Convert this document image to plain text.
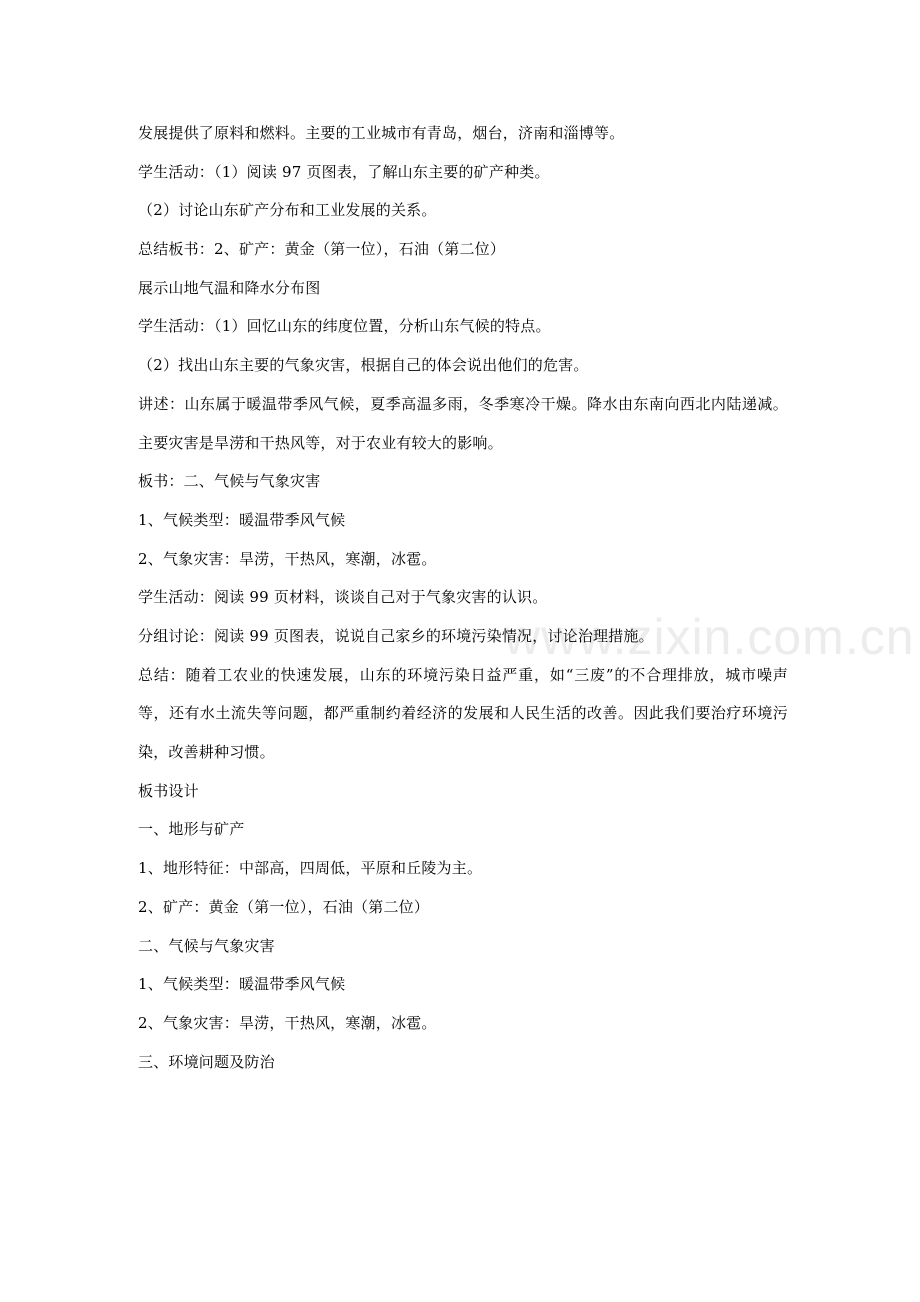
www.zixin.com.cn
发展提供了原料和燃料。主要的工业城市有青岛，烟台，济南和淄博等。
学生活动：（1）阅读 97 页图表，了解山东主要的矿产种类。
（2）讨论山东矿产分布和工业发展的关系。
总结板书：2、矿产：黄金（第一位），石油（第二位）
展示山地气温和降水分布图
学生活动：（1）回忆山东的纬度位置，分析山东气候的特点。
（2）找出山东主要的气象灾害，根据自己的体会说出他们的危害。
讲述：山东属于暖温带季风气候，夏季高温多雨，冬季寒冷干燥。降水由东南向西北内陆递减。主要灾害是旱涝和干热风等，对于农业有较大的影响。
板书：二、气候与气象灾害
1、气候类型：暖温带季风气候
2、气象灾害：旱涝，干热风，寒潮，冰雹。
学生活动：阅读 99 页材料，谈谈自己对于气象灾害的认识。
分组讨论：阅读 99 页图表，说说自己家乡的环境污染情况，讨论治理措施。
总结：随着工农业的快速发展，山东的环境污染日益严重，如“三废”的不合理排放，城市噪声等，还有水土流失等问题，都严重制约着经济的发展和人民生活的改善。因此我们要治疗环境污染，改善耕种习惯。
板书设计
一、地形与矿产
1、地形特征：中部高，四周低，平原和丘陵为主。
2、矿产：黄金（第一位），石油（第二位）
二、气候与气象灾害
1、气候类型：暖温带季风气候
2、气象灾害：旱涝，干热风，寒潮，冰雹。
三、环境问题及防治
